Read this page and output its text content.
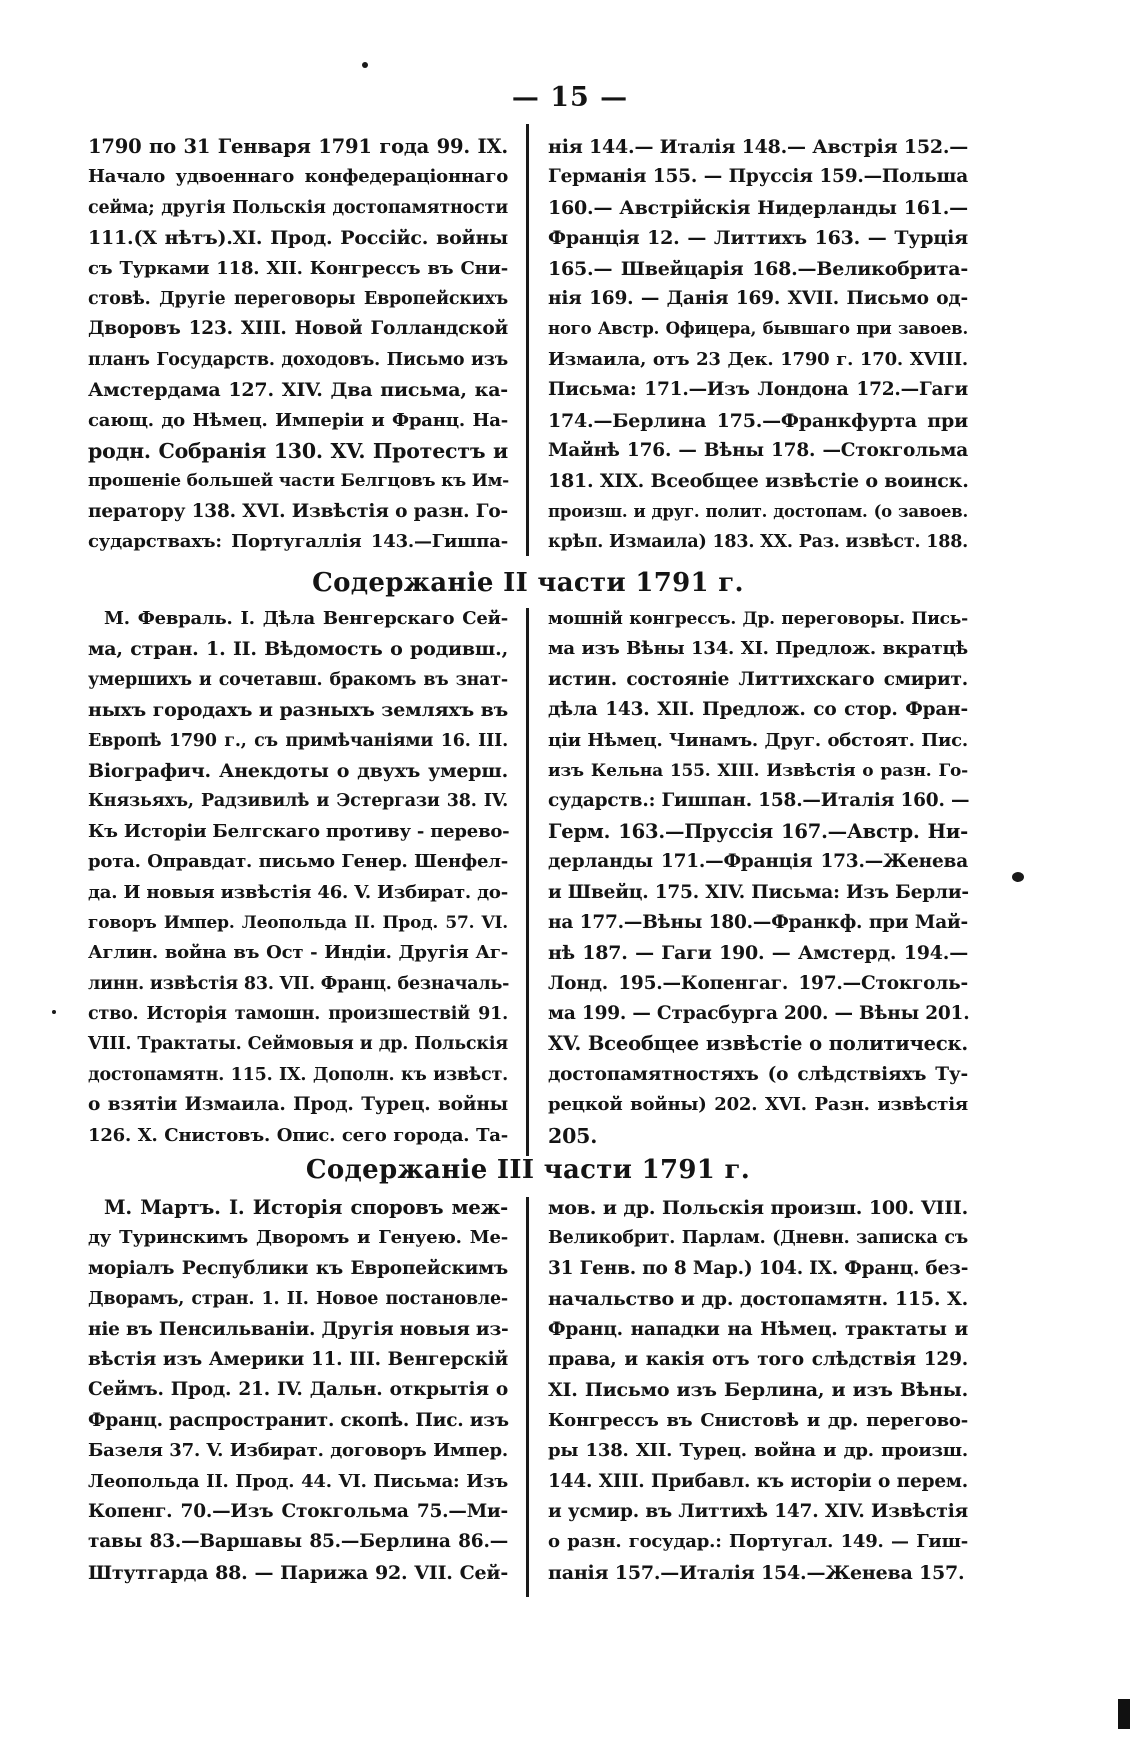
— 15 —
1790 по 31 Генваря 1791 года 99. IX.
Начало удвоеннаго конфедераціоннаго
сейма; другія Польскія достопамятности
111.(X нѣтъ).XI. Прод. Россійс. войны
съ Турками 118. XII. Конгрессъ въ Сни-
стовѣ. Другіе переговоры Европейскихъ
Дворовъ 123. XIII. Новой Голландской
планъ Государств. доходовъ. Письмо изъ
Амстердама 127. XIV. Два письма, ка-
сающ. до Нѣмец. Имперіи и Франц. На-
родн. Собранія 130. XV. Протестъ и
прошеніе большей части Белгцовъ къ Им-
ператору 138. XVI. Извѣстія о разн. Го-
сударствахъ: Португаллія 143.—Гишпа-
нія 144.— Италія 148.— Австрія 152.—
Германія 155. — Пруссія 159.—Польша
160.— Австрійскія Нидерланды 161.—
Франція 12. — Литтихъ 163. — Турція
165.— Швейцарія 168.—Великобрита-
нія 169. — Данія 169. XVII. Письмо од-
ного Австр. Офицера, бывшаго при завоев.
Измаила, отъ 23 Дек. 1790 г. 170. XVIII.
Письма: 171.—Изъ Лондона 172.—Гаги
174.—Берлина 175.—Франкфурта при
Майнѣ 176. — Вѣны 178. —Стокгольма
181. XIX. Всеобщее извѣстіе о воинск.
произш. и друг. полит. достопам. (о завоев.
крѣп. Измаила) 183. XX. Раз. извѣст. 188.
Содержаніе II части 1791 г.
М. Февраль. I. Дѣла Венгерскаго Сей-
ма, стран. 1. II. Вѣдомость о родивш.,
умершихъ и сочетавш. бракомъ въ знат-
ныхъ городахъ и разныхъ земляхъ въ
Европѣ 1790 г., съ примѣчаніями 16. III.
Віографич. Анекдоты о двухъ умерш.
Князьяхъ, Радзивилѣ и Эстергази 38. IV.
Къ Исторіи Белгскаго противу - перево-
рота. Оправдат. письмо Генер. Шенфел-
да. И новыя извѣстія 46. V. Избират. до-
говоръ Импер. Леопольда II. Прод. 57. VI.
Аглин. война въ Ост - Индіи. Другія Аг-
линн. извѣстія 83. VII. Франц. безначаль-
ство. Исторія тамошн. произшествій 91.
VIII. Трактаты. Сеймовыя и др. Польскія
достопамятн. 115. IX. Дополн. къ извѣст.
о взятіи Измаила. Прод. Турец. войны
126. X. Снистовъ. Опис. сего города. Та-
мошній конгрессъ. Др. переговоры. Пись-
ма изъ Вѣны 134. XI. Предлож. вкратцѣ
истин. состояніе Литтихскаго смирит.
дѣла 143. XII. Предлож. со стор. Фран-
ціи Нѣмец. Чинамъ. Друг. обстоят. Пис.
изъ Кельна 155. XIII. Извѣстія о разн. Го-
сударств.: Гишпан. 158.—Италія 160. —
Герм. 163.—Пруссія 167.—Австр. Ни-
дерланды 171.—Франція 173.—Женева
и Швейц. 175. XIV. Письма: Изъ Берли-
на 177.—Вѣны 180.—Франкф. при Май-
нѣ 187. — Гаги 190. — Амстерд. 194.—
Лонд. 195.—Копенгаг. 197.—Стокголь-
ма 199. — Страсбурга 200. — Вѣны 201.
XV. Всеобщее извѣстіе о политическ.
достопамятностяхъ (о слѣдствіяхъ Ту-
рецкой войны) 202. XVI. Разн. извѣстія
205.
Содержаніе III части 1791 г.
М. Мартъ. I. Исторія споровъ меж-
ду Туринскимъ Дворомъ и Генуею. Ме-
моріалъ Республики къ Европейскимъ
Дворамъ, стран. 1. II. Новое постановле-
ніе въ Пенсильваніи. Другія новыя из-
вѣстія изъ Америки 11. III. Венгерскій
Сеймъ. Прод. 21. IV. Дальн. открытія о
Франц. распространит. скопѣ. Пис. изъ
Базеля 37. V. Избират. договоръ Импер.
Леопольда II. Прод. 44. VI. Письма: Изъ
Копенг. 70.—Изъ Стокгольма 75.—Ми-
тавы 83.—Варшавы 85.—Берлина 86.—
Штутгарда 88. — Парижа 92. VII. Сей-
мов. и др. Польскія произш. 100. VIII.
Великобрит. Парлам. (Дневн. записка съ
31 Генв. по 8 Мар.) 104. IX. Франц. без-
начальство и др. достопамятн. 115. X.
Франц. нападки на Нѣмец. трактаты и
права, и какія отъ того слѣдствія 129.
XI. Письмо изъ Берлина, и изъ Вѣны.
Конгрессъ въ Снистовѣ и др. перегово-
ры 138. XII. Турец. война и др. произш.
144. XIII. Прибавл. къ исторіи о перем.
и усмир. въ Литтихѣ 147. XIV. Извѣстія
о разн. государ.: Португал. 149. — Гиш-
панія 157.—Италія 154.—Женева 157.
